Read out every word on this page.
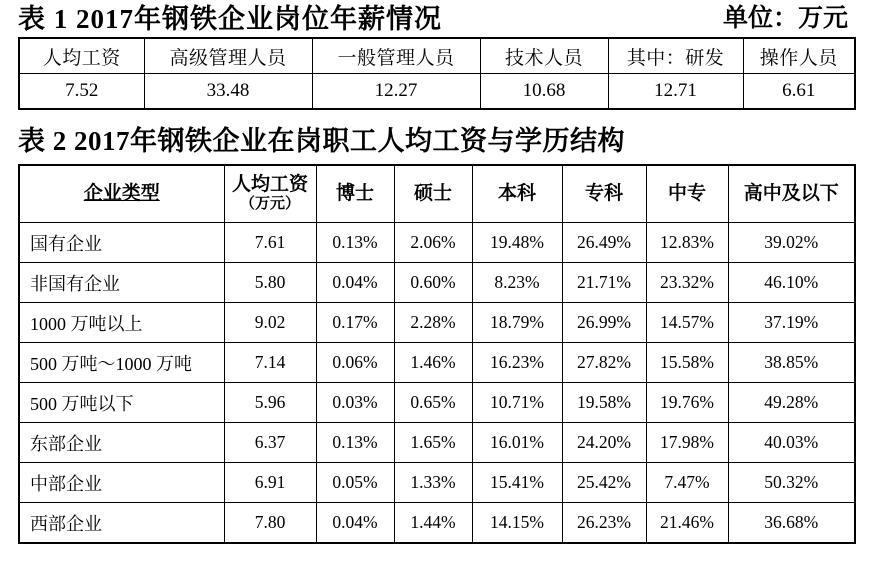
表 1 2017年钢铁企业岗位年薪情况	单位：万元
人均工资	高级管理人员	一般管理人员	技术人员	其中：研发	操作人员
7.52	33.48	12.27	10.68	12.71	6.61
表 2 2017年钢铁企业在岗职工人均工资与学历结构
企业类型	人均工资
（万元）	博士	硕士	本科	专科	中专	高中及以下
国有企业	7.61	0.13%	2.06%	19.48%	26.49%	12.83%	39.02%
非国有企业	5.80	0.04%	0.60%	8.23%	21.71%	23.32%	46.10%
1000 万吨以上	9.02	0.17%	2.28%	18.79%	26.99%	14.57%	37.19%
500 万吨～1000 万吨	7.14	0.06%	1.46%	16.23%	27.82%	15.58%	38.85%
500 万吨以下	5.96	0.03%	0.65%	10.71%	19.58%	19.76%	49.28%
东部企业	6.37	0.13%	1.65%	16.01%	24.20%	17.98%	40.03%
中部企业	6.91	0.05%	1.33%	15.41%	25.42%	7.47%	50.32%
西部企业	7.80	0.04%	1.44%	14.15%	26.23%	21.46%	36.68%
